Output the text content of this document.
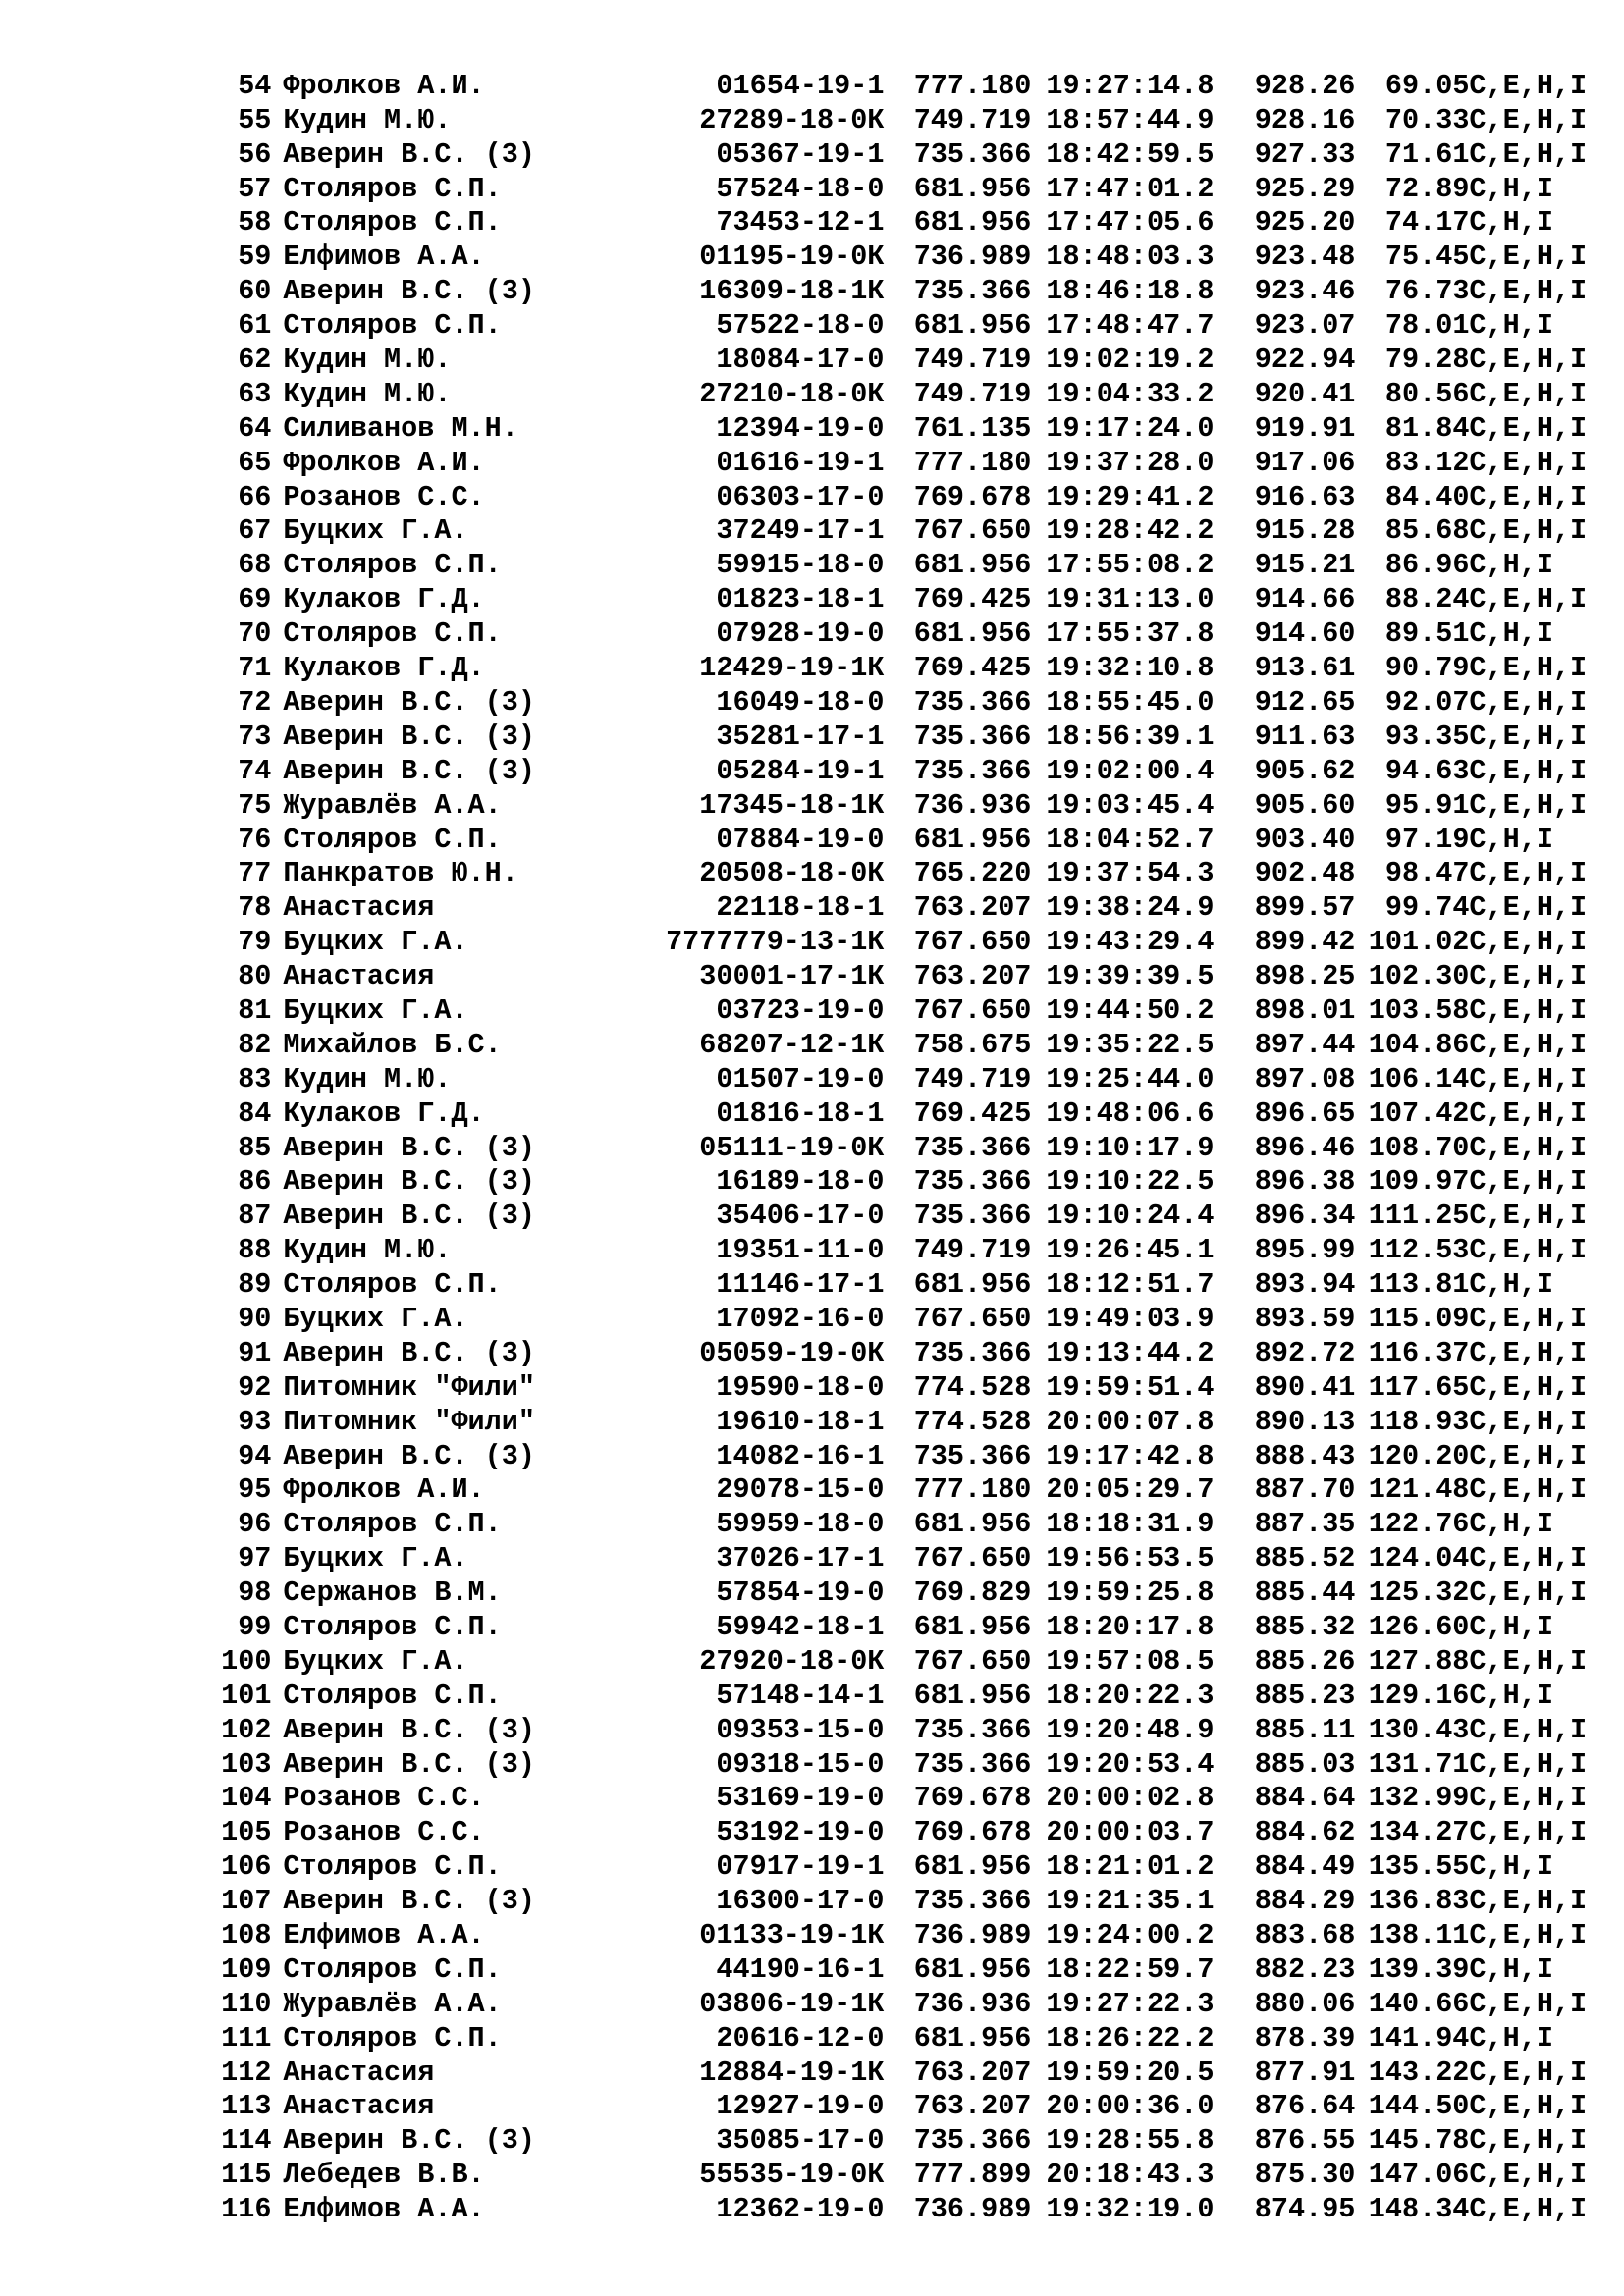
54 Фролков А.И.	01654-19-1 777.180 19:27:14.8 928.26 69.05C,E,H,I

55 Кудин М.Ю.	27289-18-0К 749.719 18:57:44.9 928.16 70.33C,E,H,I

56 Аверин В.С. (3)	05367-19-1 735.366 18:42:59.5 927.33 71.61C,E,H,I

57 Столяров С.П.	57524-18-0 681.956 17:47:01.2 925.29 72.89C,H,I

58 Столяров С.П.	73453-12-1 681.956 17:47:05.6 925.20 74.17C,H,I

59 Елфимов А.А.	01195-19-0К 736.989 18:48:03.3 923.48 75.45C,E,H,I

60 Аверин В.С. (3)	16309-18-1К 735.366 18:46:18.8 923.46 76.73C,E,H,I

61 Столяров С.П.	57522-18-0 681.956 17:48:47.7 923.07 78.01C,H,I

62 Кудин М.Ю.	18084-17-0 749.719 19:02:19.2 922.94 79.28C,E,H,I

63 Кудин М.Ю.	27210-18-0К 749.719 19:04:33.2 920.41 80.56C,E,H,I

64 Силиванов М.Н.	12394-19-0 761.135 19:17:24.0 919.91 81.84C,E,H,I

65 Фролков А.И.	01616-19-1 777.180 19:37:28.0 917.06 83.12C,E,H,I

66 Розанов С.С.	06303-17-0 769.678 19:29:41.2 916.63 84.40C,E,H,I

67 Буцких Г.А.	37249-17-1 767.650 19:28:42.2 915.28 85.68C,E,H,I

68 Столяров С.П.	59915-18-0 681.956 17:55:08.2 915.21 86.96C,H,I

69 Кулаков Г.Д.	01823-18-1 769.425 19:31:13.0 914.66 88.24C,E,H,I

70 Столяров С.П.	07928-19-0 681.956 17:55:37.8 914.60 89.51C,H,I

71 Кулаков Г.Д.	12429-19-1К 769.425 19:32:10.8 913.61 90.79C,E,H,I

72 Аверин В.С. (3)	16049-18-0 735.366 18:55:45.0 912.65 92.07C,E,H,I

73 Аверин В.С. (3)	35281-17-1 735.366 18:56:39.1 911.63 93.35C,E,H,I

74 Аверин В.С. (3)	05284-19-1 735.366 19:02:00.4 905.62 94.63C,E,H,I

75 Журавлёв А.А.	17345-18-1К 736.936 19:03:45.4 905.60 95.91C,E,H,I

76 Столяров С.П.	07884-19-0 681.956 18:04:52.7 903.40 97.19C,H,I

77 Панкратов Ю.Н.	20508-18-0К 765.220 19:37:54.3 902.48 98.47C,E,H,I

78 Анастасия	22118-18-1 763.207 19:38:24.9 899.57 99.74C,E,H,I

79 Буцких Г.А.	7777779-13-1К 767.650 19:43:29.4 899.42 101.02C,E,H,I

80 Анастасия	30001-17-1К 763.207 19:39:39.5 898.25 102.30C,E,H,I

81 Буцких Г.А.	03723-19-0 767.650 19:44:50.2 898.01 103.58C,E,H,I

82 Михайлов Б.С.	68207-12-1К 758.675 19:35:22.5 897.44 104.86C,E,H,I

83 Кудин М.Ю.	01507-19-0 749.719 19:25:44.0 897.08 106.14C,E,H,I

84 Кулаков Г.Д.	01816-18-1 769.425 19:48:06.6 896.65 107.42C,E,H,I

85 Аверин В.С. (3)	05111-19-0К 735.366 19:10:17.9 896.46 108.70C,E,H,I

86 Аверин В.С. (3)	16189-18-0 735.366 19:10:22.5 896.38 109.97C,E,H,I

87 Аверин В.С. (3)	35406-17-0 735.366 19:10:24.4 896.34 111.25C,E,H,I

88 Кудин М.Ю.	19351-11-0 749.719 19:26:45.1 895.99 112.53C,E,H,I

89 Столяров С.П.	11146-17-1 681.956 18:12:51.7 893.94 113.81C,H,I

90 Буцких Г.А.	17092-16-0 767.650 19:49:03.9 893.59 115.09C,E,H,I

91 Аверин В.С. (3)	05059-19-0К 735.366 19:13:44.2 892.72 116.37C,E,H,I

92 Питомник "Фили"	19590-18-0 774.528 19:59:51.4 890.41 117.65C,E,H,I

93 Питомник "Фили"	19610-18-1 774.528 20:00:07.8 890.13 118.93C,E,H,I

94 Аверин В.С. (3)	14082-16-1 735.366 19:17:42.8 888.43 120.20C,E,H,I

95 Фролков А.И.	29078-15-0 777.180 20:05:29.7 887.70 121.48C,E,H,I

96 Столяров С.П.	59959-18-0 681.956 18:18:31.9 887.35 122.76C,H,I

97 Буцких Г.А.	37026-17-1 767.650 19:56:53.5 885.52 124.04C,E,H,I

98 Сержанов В.М.	57854-19-0 769.829 19:59:25.8 885.44 125.32C,E,H,I

99 Столяров С.П.	59942-18-1 681.956 18:20:17.8 885.32 126.60C,H,I

100 Буцких Г.А.	27920-18-0К 767.650 19:57:08.5 885.26 127.88C,E,H,I

101 Столяров С.П.	57148-14-1 681.956 18:20:22.3 885.23 129.16C,H,I

102 Аверин В.С. (3)	09353-15-0 735.366 19:20:48.9 885.11 130.43C,E,H,I

103 Аверин В.С. (3)	09318-15-0 735.366 19:20:53.4 885.03 131.71C,E,H,I

104 Розанов С.С.	53169-19-0 769.678 20:00:02.8 884.64 132.99C,E,H,I

105 Розанов С.С.	53192-19-0 769.678 20:00:03.7 884.62 134.27C,E,H,I

106 Столяров С.П.	07917-19-1 681.956 18:21:01.2 884.49 135.55C,H,I

107 Аверин В.С. (3)	16300-17-0 735.366 19:21:35.1 884.29 136.83C,E,H,I

108 Елфимов А.А.	01133-19-1К 736.989 19:24:00.2 883.68 138.11C,E,H,I

109 Столяров С.П.	44190-16-1 681.956 18:22:59.7 882.23 139.39C,H,I

110 Журавлёв А.А.	03806-19-1К 736.936 19:27:22.3 880.06 140.66C,E,H,I

111 Столяров С.П.	20616-12-0 681.956 18:26:22.2 878.39 141.94C,H,I

112 Анастасия	12884-19-1К 763.207 19:59:20.5 877.91 143.22C,E,H,I

113 Анастасия	12927-19-0 763.207 20:00:36.0 876.64 144.50C,E,H,I

114 Аверин В.С. (3)	35085-17-0 735.366 19:28:55.8 876.55 145.78C,E,H,I

115 Лебедев В.В.	55535-19-0К 777.899 20:18:43.3 875.30 147.06C,E,H,I

116 Елфимов А.А.	12362-19-0 736.989 19:32:19.0 874.95 148.34C,E,H,I
